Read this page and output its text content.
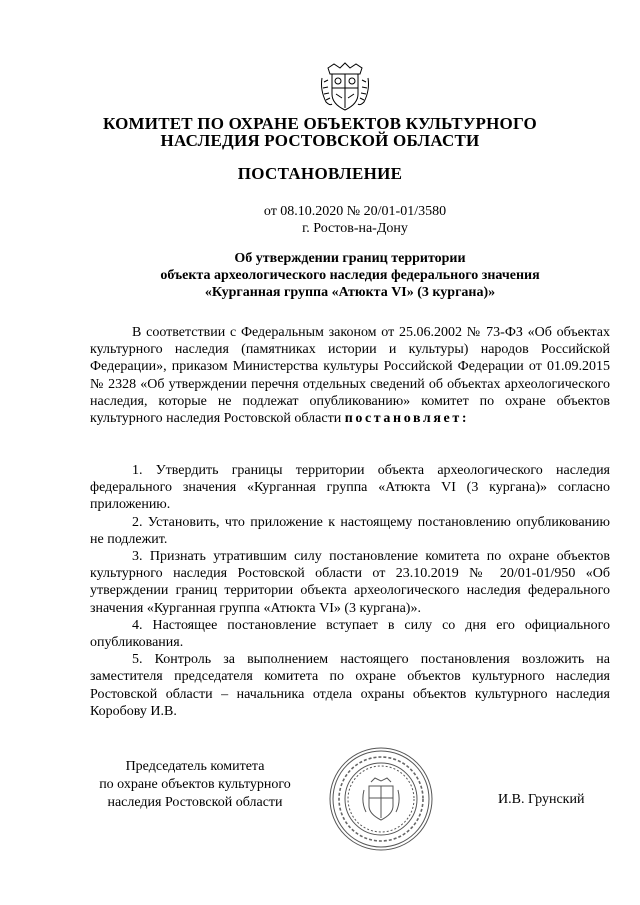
КОМИТЕТ ПО ОХРАНЕ ОБЪЕКТОВ КУЛЬТУРНОГО
НАСЛЕДИЯ РОСТОВСКОЙ ОБЛАСТИ
ПОСТАНОВЛЕНИЕ
от 08.10.2020 № 20/01-01/3580
г. Ростов-на-Дону
Об утверждении границ территории
объекта археологического наследия федерального значения
«Курганная группа «Атюкта VI» (3 кургана)»

В соответствии с Федеральным законом от 25.06.2002 № 73-ФЗ «Об объектах культурного наследия (памятниках истории и культуры) народов Российской Федерации», приказом Министерства культуры Российской Федерации от 01.09.2015 № 2328 «Об утверждении перечня отдельных сведений об объектах археологического наследия, которые не подлежат опубликованию» комитет по охране объектов культурного наследия Ростовской области постановляет:

1. Утвердить границы территории объекта археологического наследия федерального значения «Курганная группа «Атюкта VI (3 кургана)» согласно приложению.

2. Установить, что приложение к настоящему постановлению опубликованию не подлежит.

3. Признать утратившим силу постановление комитета по охране объектов культурного наследия Ростовской области от 23.10.2019 № 20/01-01/950 «Об утверждении границ территории объекта археологического наследия федерального значения «Курганная группа «Атюкта VI» (3 кургана)».

4. Настоящее постановление вступает в силу со дня его официального опубликования.

5. Контроль за выполнением настоящего постановления возложить на заместителя председателя комитета по охране объектов культурного наследия Ростовской области – начальника отдела охраны объектов культурного наследия Коробову И.В.

Председатель комитета
по охране объектов культурного
наследия Ростовской области	И.В. Грунский
